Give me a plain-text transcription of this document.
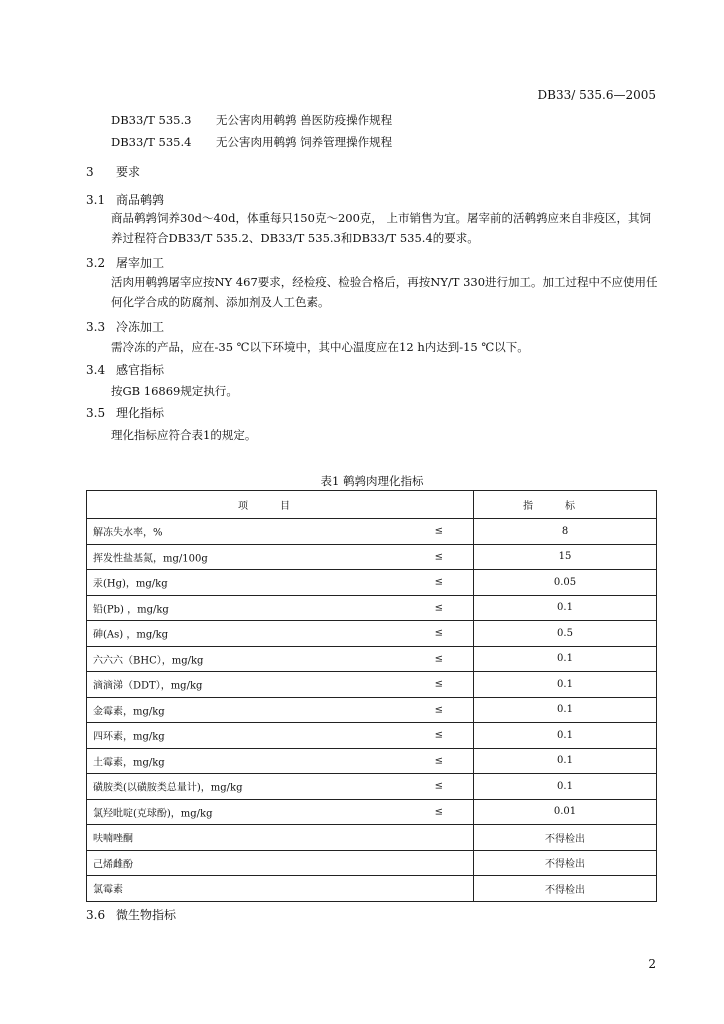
DB33/ 535.6—2005
DB33/T 535.3 无公害肉用鹌鹑 兽医防疫操作规程
DB33/T 535.4 无公害肉用鹌鹑 饲养管理操作规程
3 要求
3.1 商品鹌鹑
商品鹌鹑饲养30d～40d，体重每只150克～200克， 上市销售为宜。屠宰前的活鹌鹑应来自非疫区，其饲养过程符合DB33/T 535.2、DB33/T 535.3和DB33/T 535.4的要求。
3.2 屠宰加工
活肉用鹌鹑屠宰应按NY 467要求，经检疫、检验合格后，再按NY/T 330进行加工。加工过程中不应使用任何化学合成的防腐剂、添加剂及人工色素。
3.3 冷冻加工
需冷冻的产品，应在-35 ℃以下环境中，其中心温度应在12 h内达到-15 ℃以下。
3.4 感官指标
按GB 16869规定执行。
3.5 理化指标
理化指标应符合表1的规定。
表1 鹌鹑肉理化指标
项目	指标

解冻失水率，% ≤	8

挥发性盐基氮，mg/100g ≤	15

汞(Hg)，mg/kg ≤	0.05

铅(Pb) ，mg/kg ≤	0.1

砷(As) ，mg/kg ≤	0.5

六六六（BHC），mg/kg ≤	0.1

滴滴涕（DDT），mg/kg ≤	0.1

金霉素，mg/kg ≤	0.1

四环素，mg/kg ≤	0.1

土霉素，mg/kg ≤	0.1

磺胺类(以磺胺类总量计)，mg/kg ≤	0.1

氯羟吡啶(克球酚)，mg/kg ≤	0.01

呋喃唑酮	不得检出

己烯雌酚	不得检出

氯霉素	不得检出
3.6 微生物指标
2
